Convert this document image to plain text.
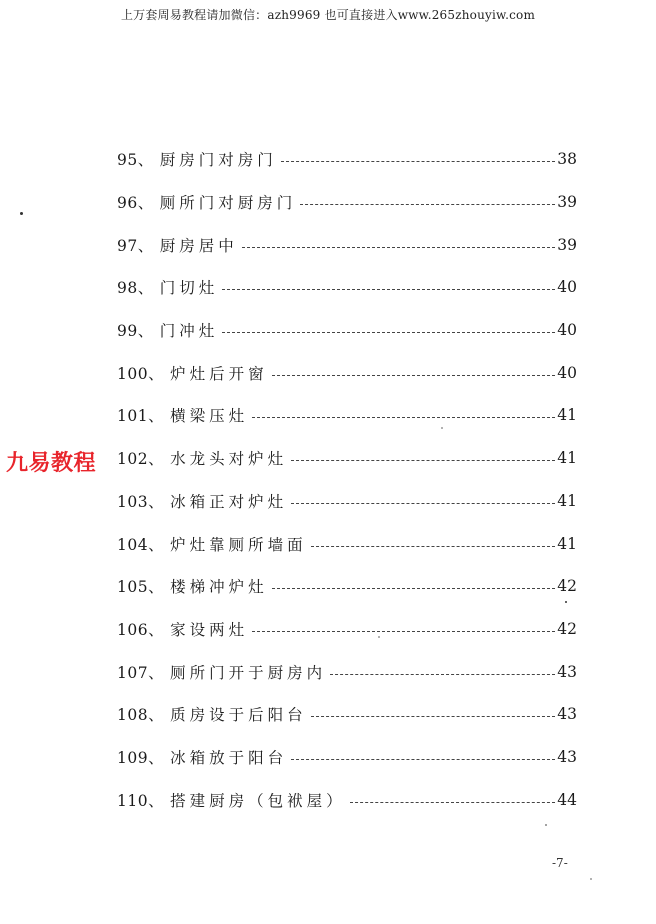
上万套周易教程请加微信：azh9969 也可直接进入www.265zhouyiw.com
九易教程
95、 厨房门对房门	38
96、 厕所门对厨房门	39
97、 厨房居中	39
98、 门切灶	40
99、 门冲灶	40
100、 炉灶后开窗	40
101、 横梁压灶	41
102、 水龙头对炉灶	41
103、 冰箱正对炉灶	41
104、 炉灶靠厕所墙面	41
105、 楼梯冲炉灶	42
106、 家设两灶	42
107、 厕所门开于厨房内	43
108、 质房设于后阳台	43
109、 冰箱放于阳台	43
110、 搭建厨房（包袱屋）	44
-7-
